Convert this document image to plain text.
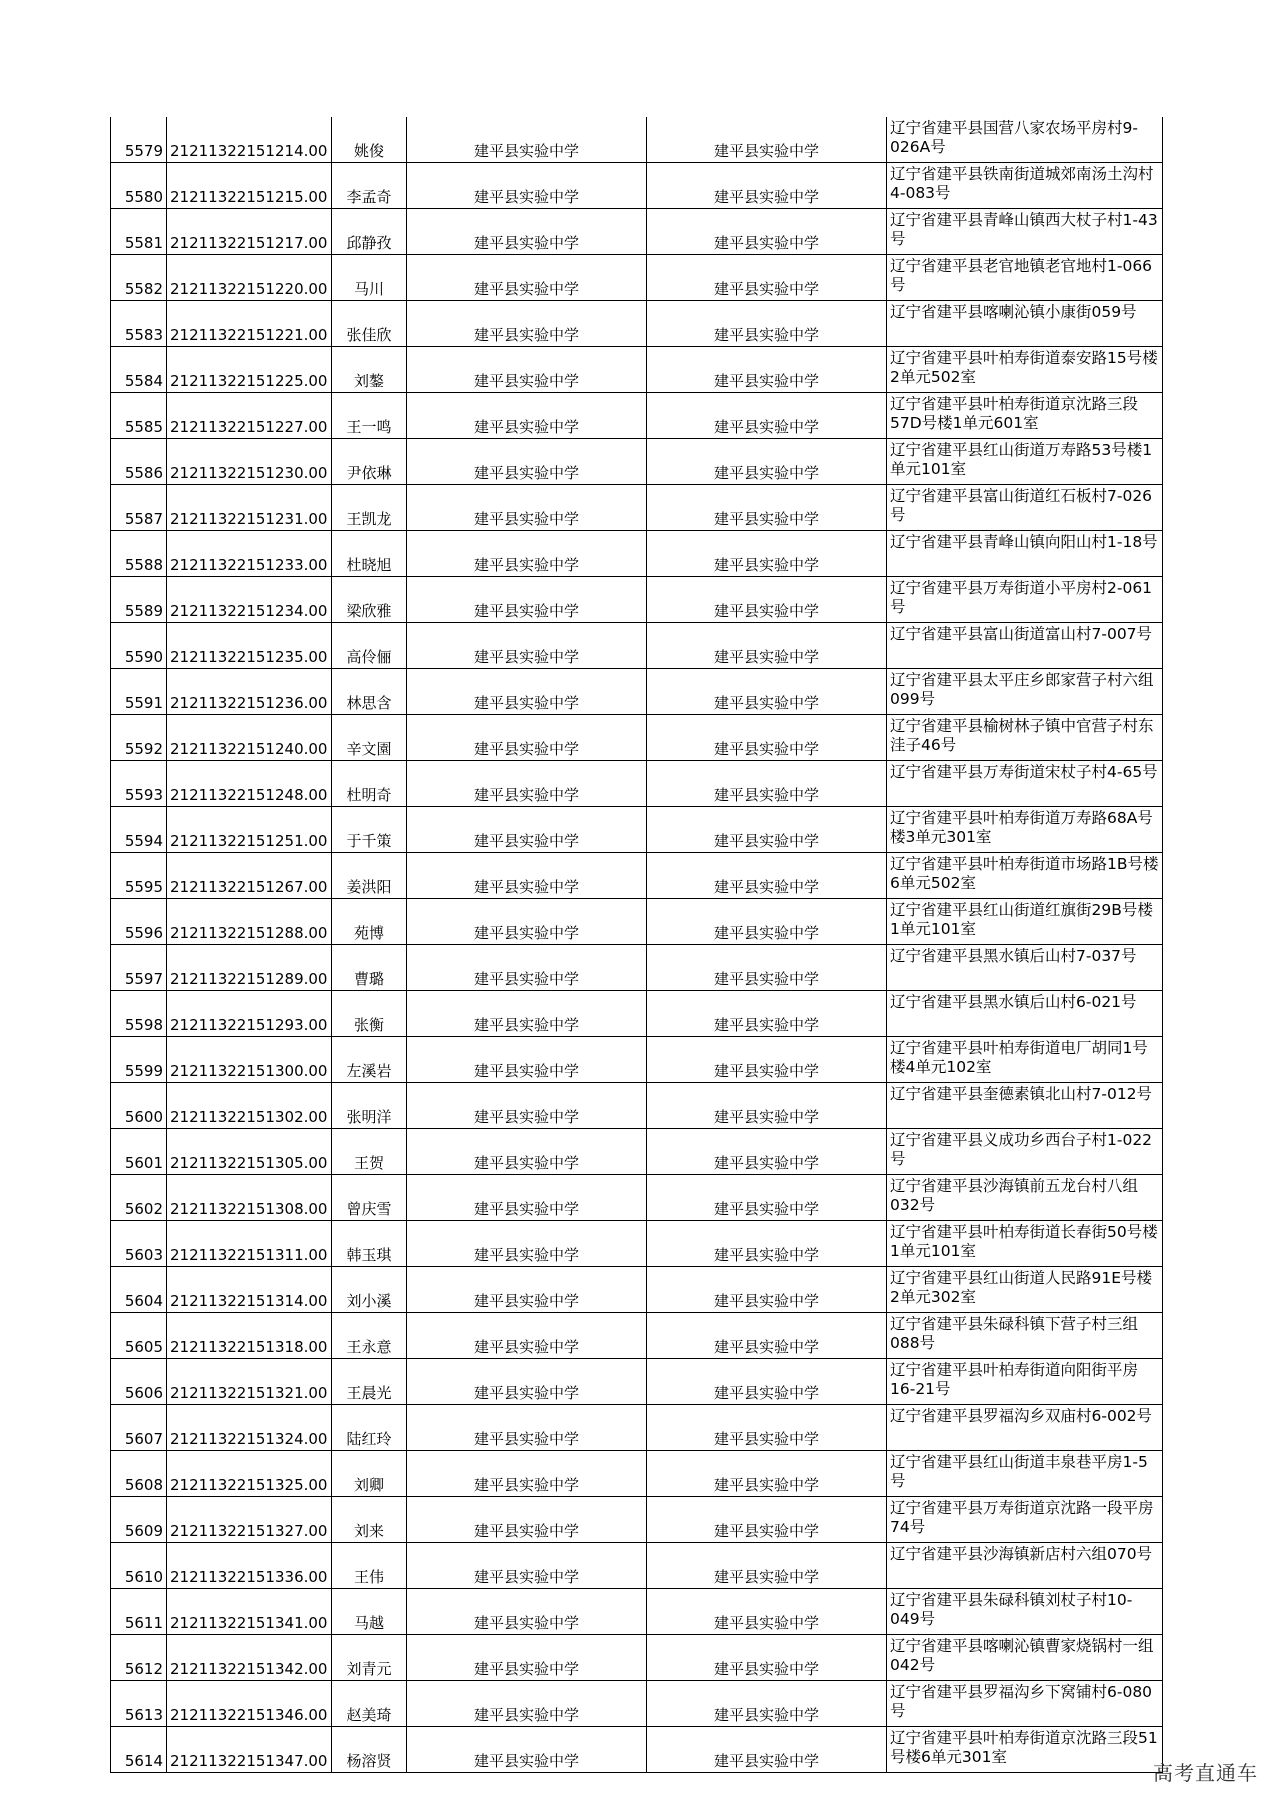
5579	21211322151214.00	姚俊	建平县实验中学	建平县实验中学	辽宁省建平县国营八家农场平房村9-026A号
5580	21211322151215.00	李孟奇	建平县实验中学	建平县实验中学	辽宁省建平县铁南街道城郊南汤土沟村4-083号
5581	21211322151217.00	邱静孜	建平县实验中学	建平县实验中学	辽宁省建平县青峰山镇西大杖子村1-43号
5582	21211322151220.00	马川	建平县实验中学	建平县实验中学	辽宁省建平县老官地镇老官地村1-066号
5583	21211322151221.00	张佳欣	建平县实验中学	建平县实验中学	辽宁省建平县喀喇沁镇小康街059号
5584	21211322151225.00	刘鏊	建平县实验中学	建平县实验中学	辽宁省建平县叶柏寿街道泰安路15号楼2单元502室
5585	21211322151227.00	王一鸣	建平县实验中学	建平县实验中学	辽宁省建平县叶柏寿街道京沈路三段57D号楼1单元601室
5586	21211322151230.00	尹依琳	建平县实验中学	建平县实验中学	辽宁省建平县红山街道万寿路53号楼1单元101室
5587	21211322151231.00	王凯龙	建平县实验中学	建平县实验中学	辽宁省建平县富山街道红石板村7-026号
5588	21211322151233.00	杜晓旭	建平县实验中学	建平县实验中学	辽宁省建平县青峰山镇向阳山村1-18号
5589	21211322151234.00	梁欣雅	建平县实验中学	建平县实验中学	辽宁省建平县万寿街道小平房村2-061号
5590	21211322151235.00	高伶俪	建平县实验中学	建平县实验中学	辽宁省建平县富山街道富山村7-007号
5591	21211322151236.00	林思含	建平县实验中学	建平县实验中学	辽宁省建平县太平庄乡郎家营子村六组099号
5592	21211322151240.00	辛文園	建平县实验中学	建平县实验中学	辽宁省建平县榆树林子镇中官营子村东洼子46号
5593	21211322151248.00	杜明奇	建平县实验中学	建平县实验中学	辽宁省建平县万寿街道宋杖子村4-65号
5594	21211322151251.00	于千策	建平县实验中学	建平县实验中学	辽宁省建平县叶柏寿街道万寿路68A号楼3单元301室
5595	21211322151267.00	姜洪阳	建平县实验中学	建平县实验中学	辽宁省建平县叶柏寿街道市场路1B号楼6单元502室
5596	21211322151288.00	苑博	建平县实验中学	建平县实验中学	辽宁省建平县红山街道红旗街29B号楼1单元101室
5597	21211322151289.00	曹璐	建平县实验中学	建平县实验中学	辽宁省建平县黑水镇后山村7-037号
5598	21211322151293.00	张衡	建平县实验中学	建平县实验中学	辽宁省建平县黑水镇后山村6-021号
5599	21211322151300.00	左溪岩	建平县实验中学	建平县实验中学	辽宁省建平县叶柏寿街道电厂胡同1号楼4单元102室
5600	21211322151302.00	张明洋	建平县实验中学	建平县实验中学	辽宁省建平县奎德素镇北山村7-012号
5601	21211322151305.00	王贺	建平县实验中学	建平县实验中学	辽宁省建平县义成功乡西台子村1-022号
5602	21211322151308.00	曾庆雪	建平县实验中学	建平县实验中学	辽宁省建平县沙海镇前五龙台村八组032号
5603	21211322151311.00	韩玉琪	建平县实验中学	建平县实验中学	辽宁省建平县叶柏寿街道长春街50号楼1单元101室
5604	21211322151314.00	刘小溪	建平县实验中学	建平县实验中学	辽宁省建平县红山街道人民路91E号楼2单元302室
5605	21211322151318.00	王永意	建平县实验中学	建平县实验中学	辽宁省建平县朱碌科镇下营子村三组088号
5606	21211322151321.00	王晨光	建平县实验中学	建平县实验中学	辽宁省建平县叶柏寿街道向阳街平房16-21号
5607	21211322151324.00	陆红玲	建平县实验中学	建平县实验中学	辽宁省建平县罗福沟乡双庙村6-002号
5608	21211322151325.00	刘卿	建平县实验中学	建平县实验中学	辽宁省建平县红山街道丰泉巷平房1-5号
5609	21211322151327.00	刘来	建平县实验中学	建平县实验中学	辽宁省建平县万寿街道京沈路一段平房74号
5610	21211322151336.00	王伟	建平县实验中学	建平县实验中学	辽宁省建平县沙海镇新店村六组070号
5611	21211322151341.00	马越	建平县实验中学	建平县实验中学	辽宁省建平县朱碌科镇刘杖子村10-049号
5612	21211322151342.00	刘青元	建平县实验中学	建平县实验中学	辽宁省建平县喀喇沁镇曹家烧锅村一组042号
5613	21211322151346.00	赵美琦	建平县实验中学	建平县实验中学	辽宁省建平县罗福沟乡下窝铺村6-080号
5614	21211322151347.00	杨溶贤	建平县实验中学	建平县实验中学	辽宁省建平县叶柏寿街道京沈路三段51号楼6单元301室
高考直通车
